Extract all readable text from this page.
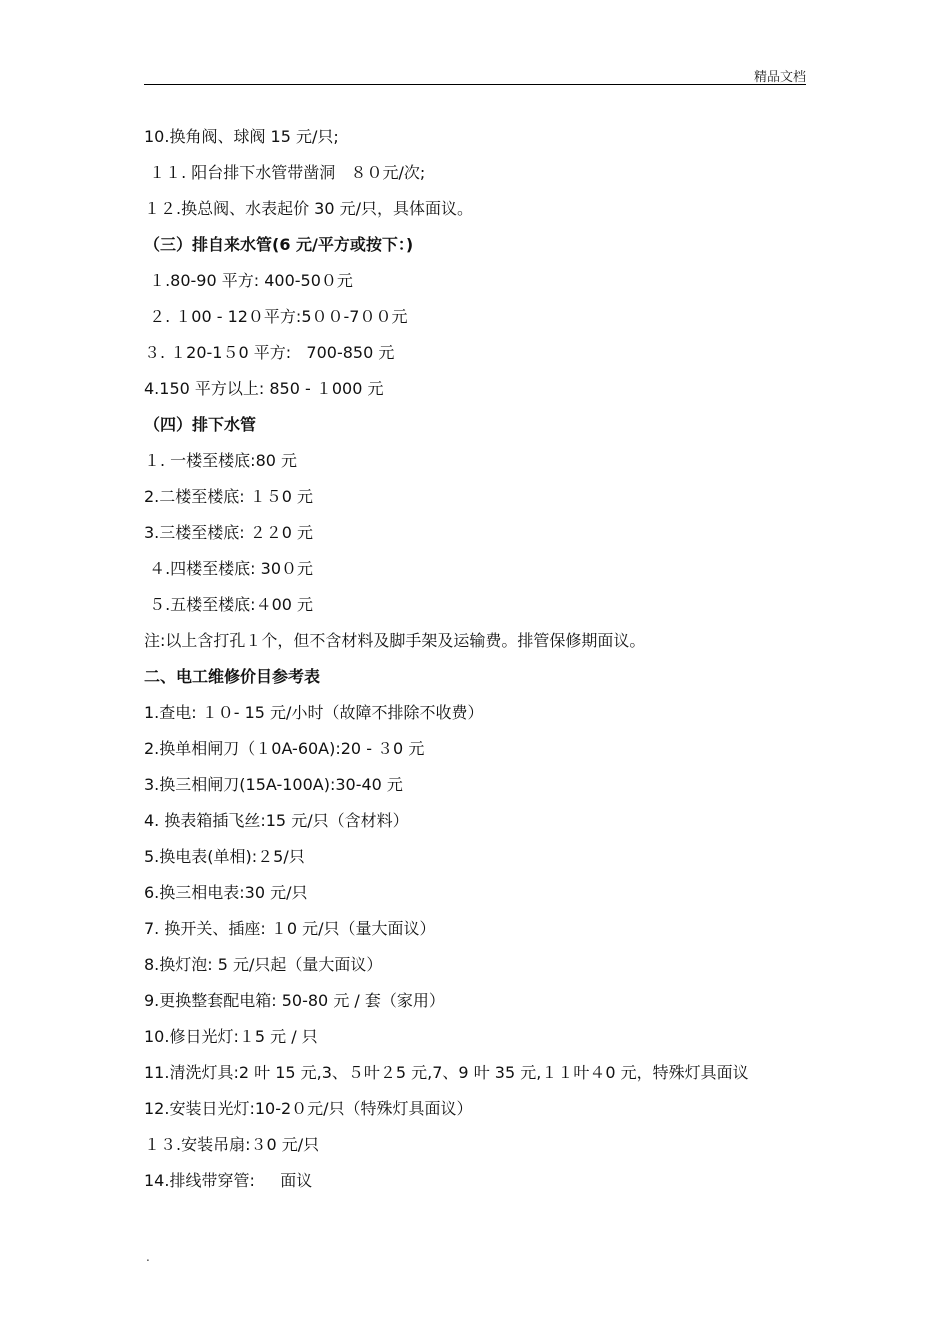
精品文档
10.换角阀、球阀 15 元/只;
１１. 阳台排下水管带凿洞   ８０元/次;
１２.换总阀、水表起价 30 元/只，具体面议。
（三）排自来水管(6 元/平方或按下：)
１.80-90 平方: 400-50０元
２. １00 - 12０平方:5００-7００元
３. １20-1５0 平方:   700-850 元
4.150 平方以上: 850 - １000 元
（四）排下水管
１. 一楼至楼底:80 元
2.二楼至楼底: １５0 元
3.三楼至楼底: ２２0 元
４.四楼至楼底: 30０元
５.五楼至楼底:４00 元
注:以上含打孔１个，但不含材料及脚手架及运输费。排管保修期面议。
二、电工维修价目参考表
1.查电: １０- 15 元/小时（故障不排除不收费）
2.换单相闸刀（１0A-60A):20 - ３0 元
3.换三相闸刀(15A-100A):30-40 元
4. 换表箱插飞丝:15 元/只（含材料）
5.换电表(单相):２5/只
6.换三相电表:30 元/只
7. 换开关、插座: １0 元/只（量大面议）
8.换灯泡: 5 元/只起（量大面议）
9.更换整套配电箱: 50-80 元 / 套（家用）
10.修日光灯:１5 元 / 只
11.清洗灯具:2 叶 15 元,3、５叶２5 元,7、9 叶 35 元,１１叶４0 元，特殊灯具面议
12.安装日光灯:10-2０元/只（特殊灯具面议）
１３.安装吊扇:３0 元/只
14.排线带穿管:     面议
.
